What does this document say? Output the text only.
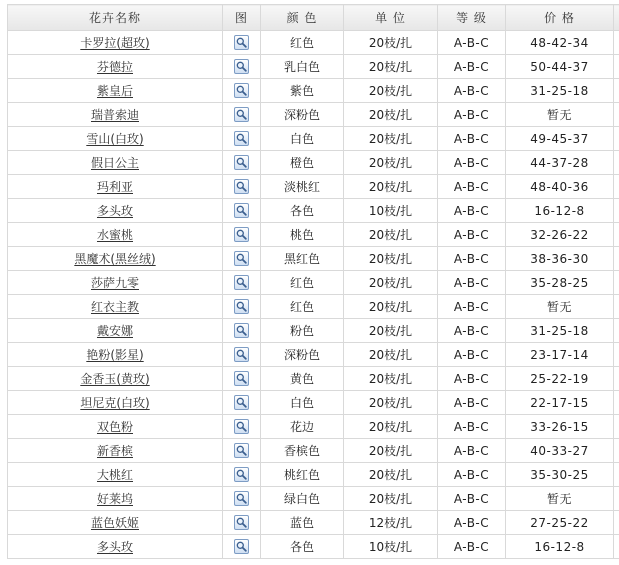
花卉名称	图	颜 色	单 位	等 级	价 格	
卡罗拉(超玫)		红色	20枝/扎	A-B-C	48-42-34	
芬德拉		乳白色	20枝/扎	A-B-C	50-44-37	
紫皇后		紫色	20枝/扎	A-B-C	31-25-18	
瑞普索迪		深粉色	20枝/扎	A-B-C	暂无	
雪山(白玫)		白色	20枝/扎	A-B-C	49-45-37	
假日公主		橙色	20枝/扎	A-B-C	44-37-28	
玛利亚		淡桃红	20枝/扎	A-B-C	48-40-36	
多头玫		各色	10枝/扎	A-B-C	16-12-8	
水蜜桃		桃色	20枝/扎	A-B-C	32-26-22	
黑魔术(黑丝绒)		黑红色	20枝/扎	A-B-C	38-36-30	
莎萨九零		红色	20枝/扎	A-B-C	35-28-25	
红衣主教		红色	20枝/扎	A-B-C	暂无	
戴安娜		粉色	20枝/扎	A-B-C	31-25-18	
艳粉(影星)		深粉色	20枝/扎	A-B-C	23-17-14	
金香玉(黄玫)		黄色	20枝/扎	A-B-C	25-22-19	
坦尼克(白玫)		白色	20枝/扎	A-B-C	22-17-15	
双色粉		花边	20枝/扎	A-B-C	33-26-15	
新香槟		香槟色	20枝/扎	A-B-C	40-33-27	
大桃红		桃红色	20枝/扎	A-B-C	35-30-25	
好莱坞		绿白色	20枝/扎	A-B-C	暂无	
蓝色妖姬		蓝色	12枝/扎	A-B-C	27-25-22	
多头玫		各色	10枝/扎	A-B-C	16-12-8	
